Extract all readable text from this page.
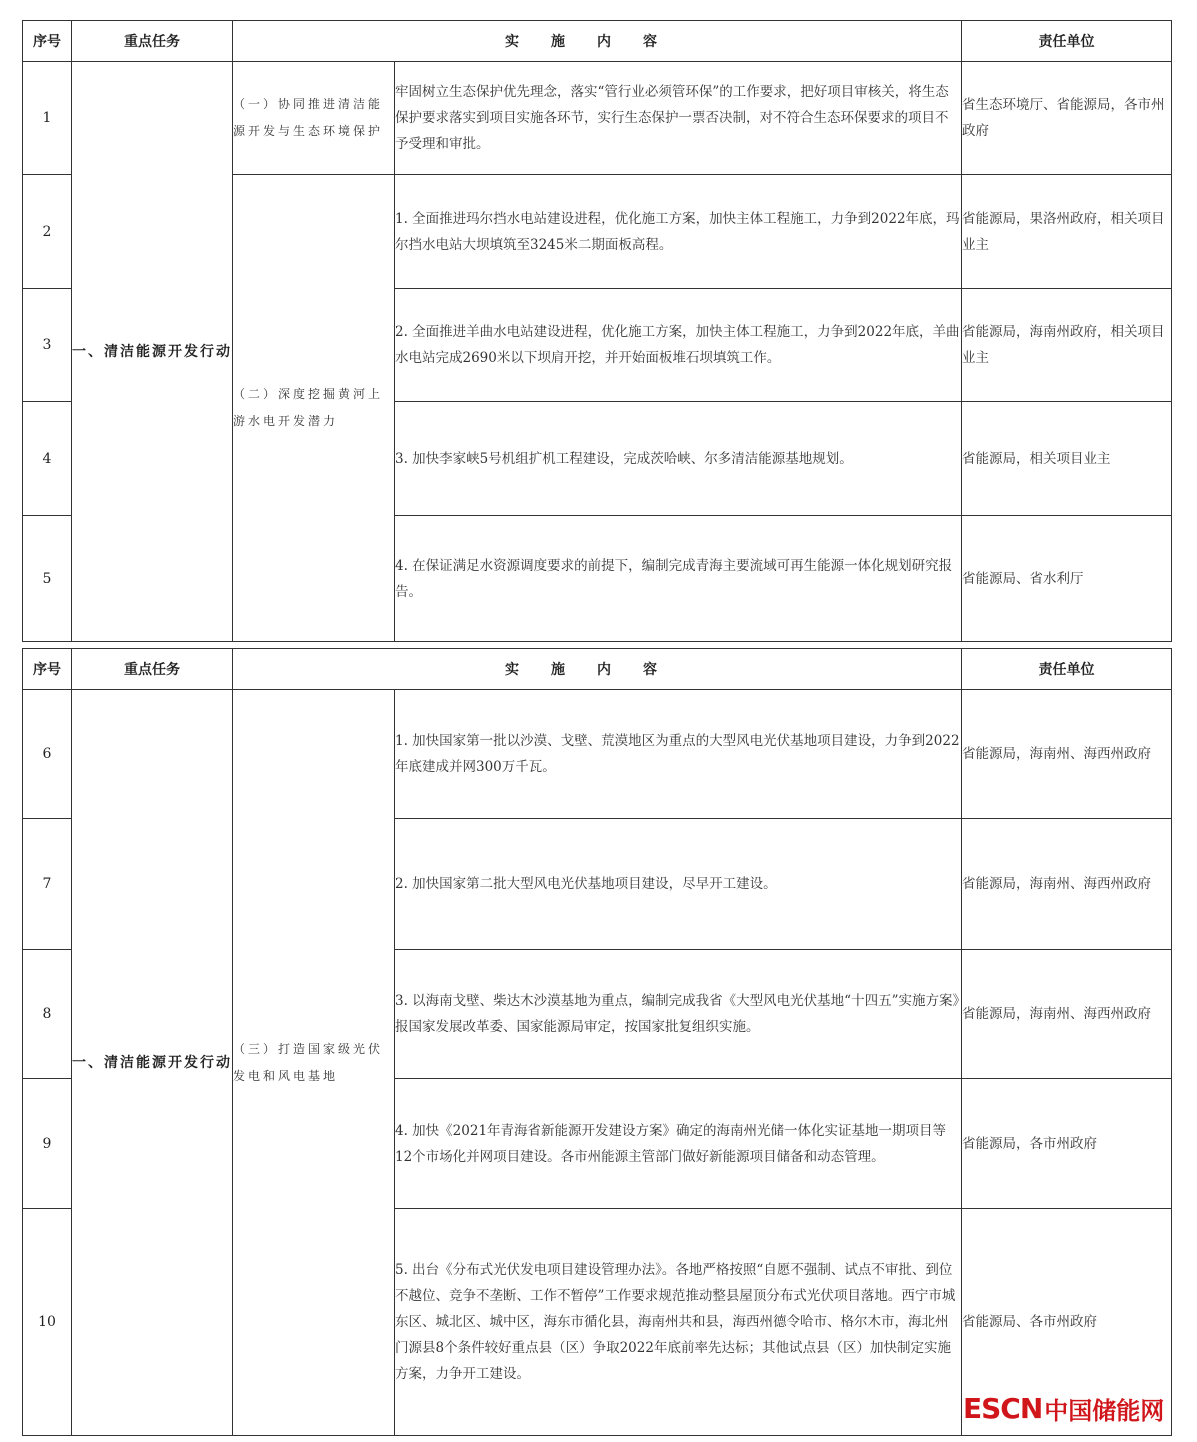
序号	重点任务	实施内容		责任单位
1	一、清洁能源开发行动	（一）协同推进清洁能源开发与生态环境保护	牢固树立生态保护优先理念，落实“管行业必须管环保”的工作要求，把好项目审核关，将生态保护要求落实到项目实施各环节，实行生态保护一票否决制，对不符合生态环保要求的项目不予受理和审批。	省生态环境厅、省能源局，各市州政府
2		（二）深度挖掘黄河上游水电开发潜力	1. 全面推进玛尔挡水电站建设进程，优化施工方案，加快主体工程施工，力争到2022年底，玛尔挡水电站大坝填筑至3245米二期面板高程。	省能源局，果洛州政府，相关项目业主
3			2. 全面推进羊曲水电站建设进程，优化施工方案，加快主体工程施工，力争到2022年底，羊曲水电站完成2690米以下坝肩开挖，并开始面板堆石坝填筑工作。	省能源局，海南州政府，相关项目业主
4			3. 加快李家峡5号机组扩机工程建设，完成茨哈峡、尔多清洁能源基地规划。	省能源局，相关项目业主
5			4. 在保证满足水资源调度要求的前提下，编制完成青海主要流域可再生能源一体化规划研究报告。	省能源局、省水利厅
序号	重点任务	实施内容		责任单位
6	一、清洁能源开发行动	（三）打造国家级光伏发电和风电基地	1. 加快国家第一批以沙漠、戈壁、荒漠地区为重点的大型风电光伏基地项目建设，力争到2022年底建成并网300万千瓦。	省能源局，海南州、海西州政府
7			2. 加快国家第二批大型风电光伏基地项目建设，尽早开工建设。	省能源局，海南州、海西州政府
8			3. 以海南戈壁、柴达木沙漠基地为重点，编制完成我省《大型风电光伏基地“十四五”实施方案》报国家发展改革委、国家能源局审定，按国家批复组织实施。	省能源局，海南州、海西州政府
9			4. 加快《2021年青海省新能源开发建设方案》确定的海南州光储一体化实证基地一期项目等12个市场化并网项目建设。各市州能源主管部门做好新能源项目储备和动态管理。	省能源局，各市州政府
10			5. 出台《分布式光伏发电项目建设管理办法》。各地严格按照“自愿不强制、试点不审批、到位不越位、竞争不垄断、工作不暂停”工作要求规范推动整县屋顶分布式光伏项目落地。西宁市城东区、城北区、城中区，海东市循化县，海南州共和县，海西州德令哈市、格尔木市，海北州门源县8个条件较好重点县（区）争取2022年底前率先达标；其他试点县（区）加快制定实施方案，力争开工建设。	省能源局、各市州政府
ESCN 中国储能网
